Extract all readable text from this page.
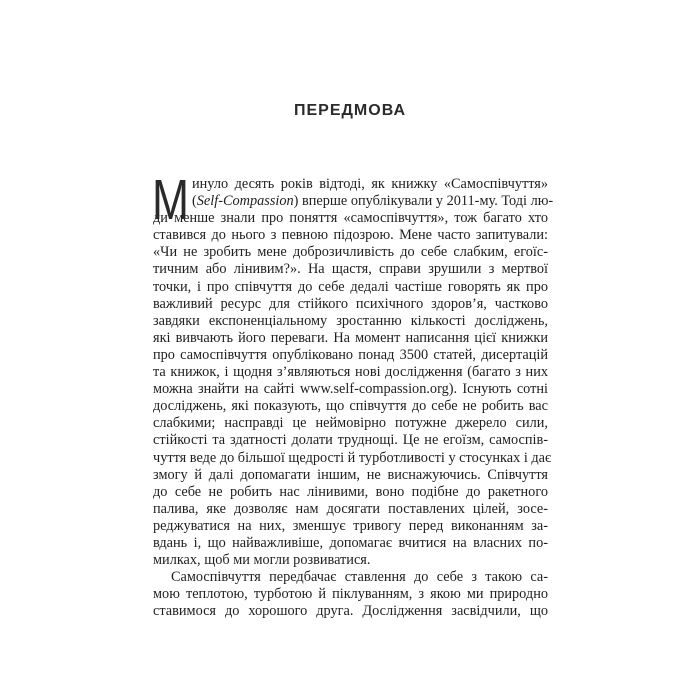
ПЕРЕДМОВА
М инуло десять років відтоді, як книжку «Самоспівчуття»
(Self-Compassion) вперше опублікували у 2011-му. Тоді лю-
ди менше знали про поняття «самоспівчуття», тож багато хто
ставився до нього з певною підозрою. Мене часто запитували:
«Чи не зробить мене доброзичливість до себе слабким, егоїс-
тичним або лінивим?». На щастя, справи зрушили з мертвої
точки, і про співчуття до себе дедалі частіше говорять як про
важливий ресурс для стійкого психічного здоров’я, частково
завдяки експоненціальному зростанню кількості досліджень,
які вивчають його переваги. На момент написання цієї книжки
про самоспівчуття опубліковано понад 3500 статей, дисертацій
та книжок, і щодня з’являються нові дослідження (багато з них
можна знайти на сайті www.self-compassion.org). Існують сотні
досліджень, які показують, що співчуття до себе не робить вас
слабкими; насправді це неймовірно потужне джерело сили,
стійкості та здатності долати труднощі. Це не егоїзм, самоспів-
чуття веде до більшої щедрості й турботливості у стосунках і дає
змогу й далі допомагати іншим, не виснажуючись. Співчуття
до себе не робить нас лінивими, воно подібне до ракетного
палива, яке дозволяє нам досягати поставлених цілей, зосе-
реджуватися на них, зменшує тривогу перед виконанням за-
вдань і, що найважливіше, допомагає вчитися на власних по-
милках, щоб ми могли розвиватися.
Самоспівчуття передбачає ставлення до себе з такою са-
мою теплотою, турботою й піклуванням, з якою ми природно
ставимося до хорошого друга. Дослідження засвідчили, що
